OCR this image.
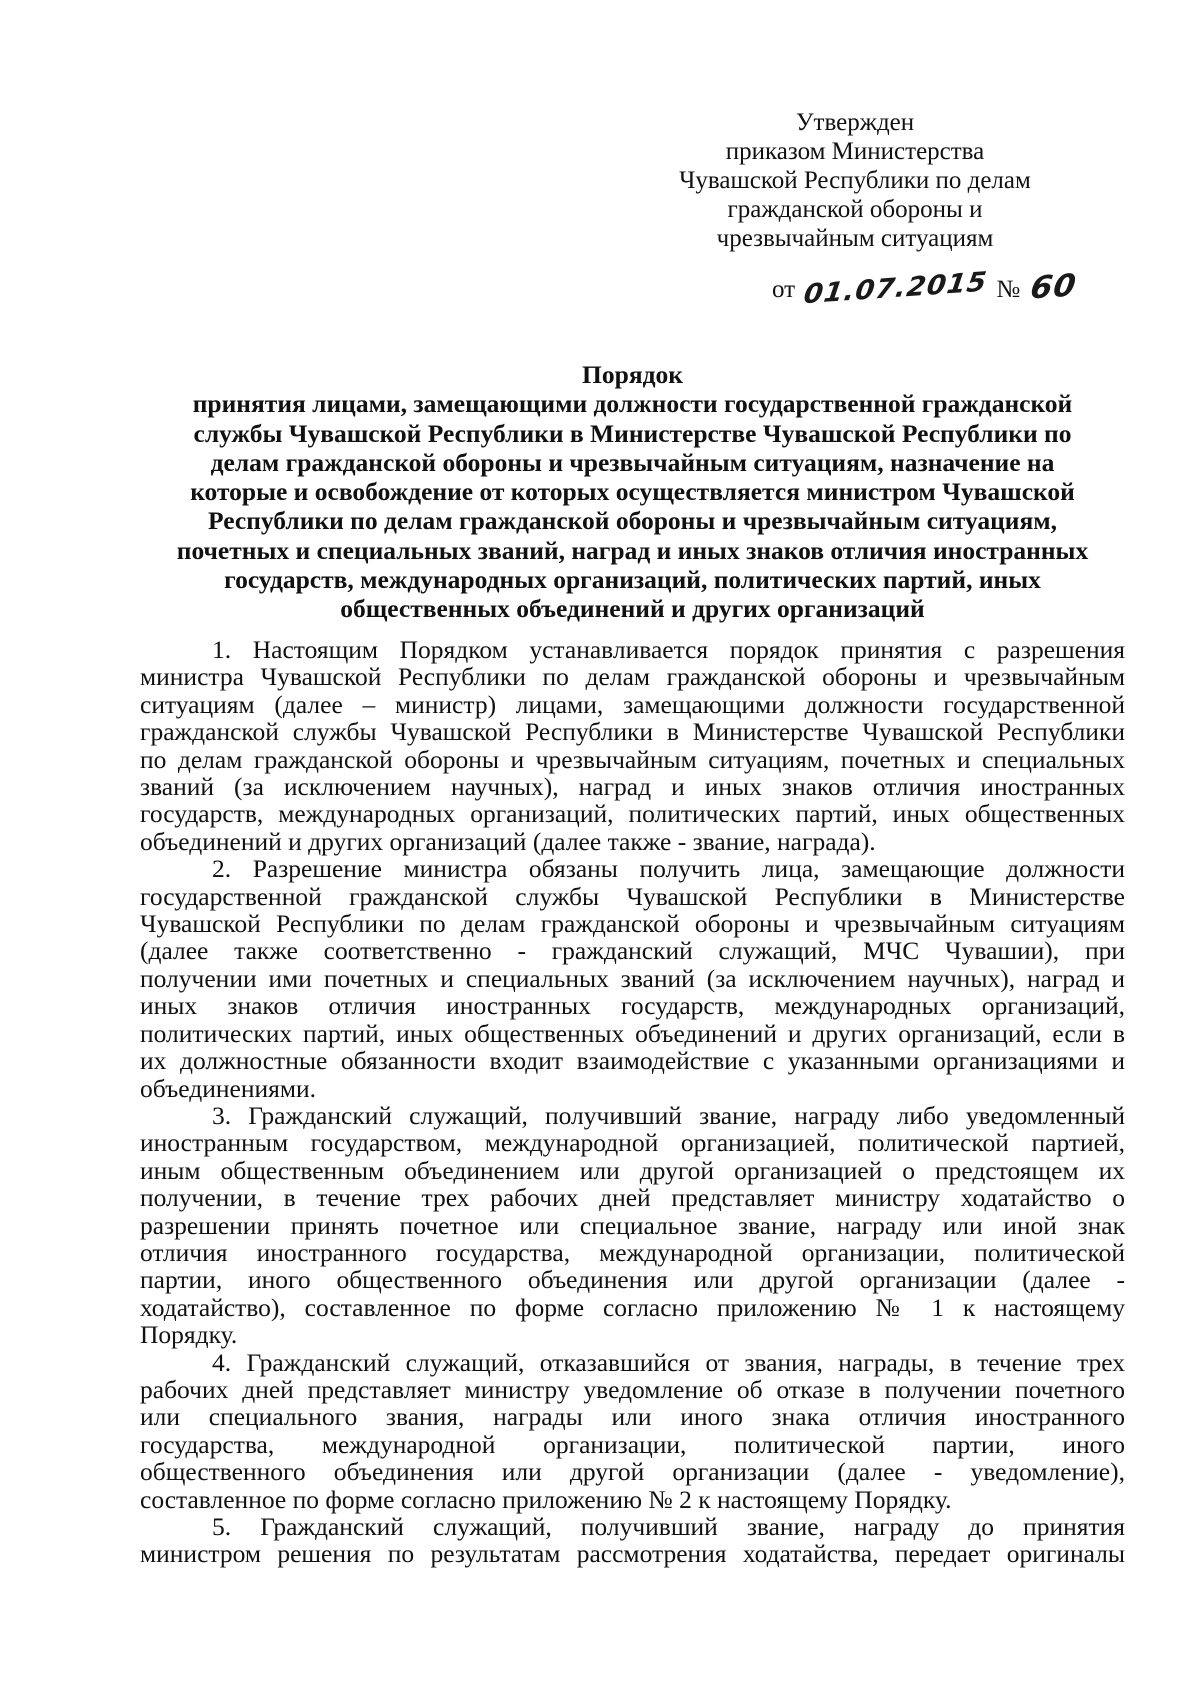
Утвержден
приказом Министерства
Чувашской Республики по делам
гражданской обороны и
чрезвычайным ситуациям
от 01.07.2015 № 60
Порядок
принятия лицами, замещающими должности государственной гражданской
службы Чувашской Республики в Министерстве Чувашской Республики по
делам гражданской обороны и чрезвычайным ситуациям, назначение на
которые и освобождение от которых осуществляется министром Чувашской
Республики по делам гражданской обороны и чрезвычайным ситуациям,
почетных и специальных званий, наград и иных знаков отличия иностранных
государств, международных организаций, политических партий, иных
общественных объединений и других организаций
1. Настоящим Порядком устанавливается порядок принятия с разрешения
министра Чувашской Республики по делам гражданской обороны и чрезвычайным
ситуациям (далее – министр) лицами, замещающими должности государственной
гражданской службы Чувашской Республики в Министерстве Чувашской Республики
по делам гражданской обороны и чрезвычайным ситуациям, почетных и специальных
званий (за исключением научных), наград и иных знаков отличия иностранных
государств, международных организаций, политических партий, иных общественных
объединений и других организаций (далее также - звание, награда).
2. Разрешение министра обязаны получить лица, замещающие должности
государственной гражданской службы Чувашской Республики в Министерстве
Чувашской Республики по делам гражданской обороны и чрезвычайным ситуациям
(далее также соответственно - гражданский служащий, МЧС Чувашии), при
получении ими почетных и специальных званий (за исключением научных), наград и
иных знаков отличия иностранных государств, международных организаций,
политических партий, иных общественных объединений и других организаций, если в
их должностные обязанности входит взаимодействие с указанными организациями и
объединениями.
3. Гражданский служащий, получивший звание, награду либо уведомленный
иностранным государством, международной организацией, политической партией,
иным общественным объединением или другой организацией о предстоящем их
получении, в течение трех рабочих дней представляет министру ходатайство о
разрешении принять почетное или специальное звание, награду или иной знак
отличия иностранного государства, международной организации, политической
партии, иного общественного объединения или другой организации (далее -
ходатайство), составленное по форме согласно приложению № 1 к настоящему
Порядку.
4. Гражданский служащий, отказавшийся от звания, награды, в течение трех
рабочих дней представляет министру уведомление об отказе в получении почетного
или специального звания, награды или иного знака отличия иностранного
государства, международной организации, политической партии, иного
общественного объединения или другой организации (далее - уведомление),
составленное по форме согласно приложению № 2 к настоящему Порядку.
5. Гражданский служащий, получивший звание, награду до принятия
министром решения по результатам рассмотрения ходатайства, передает оригиналы
